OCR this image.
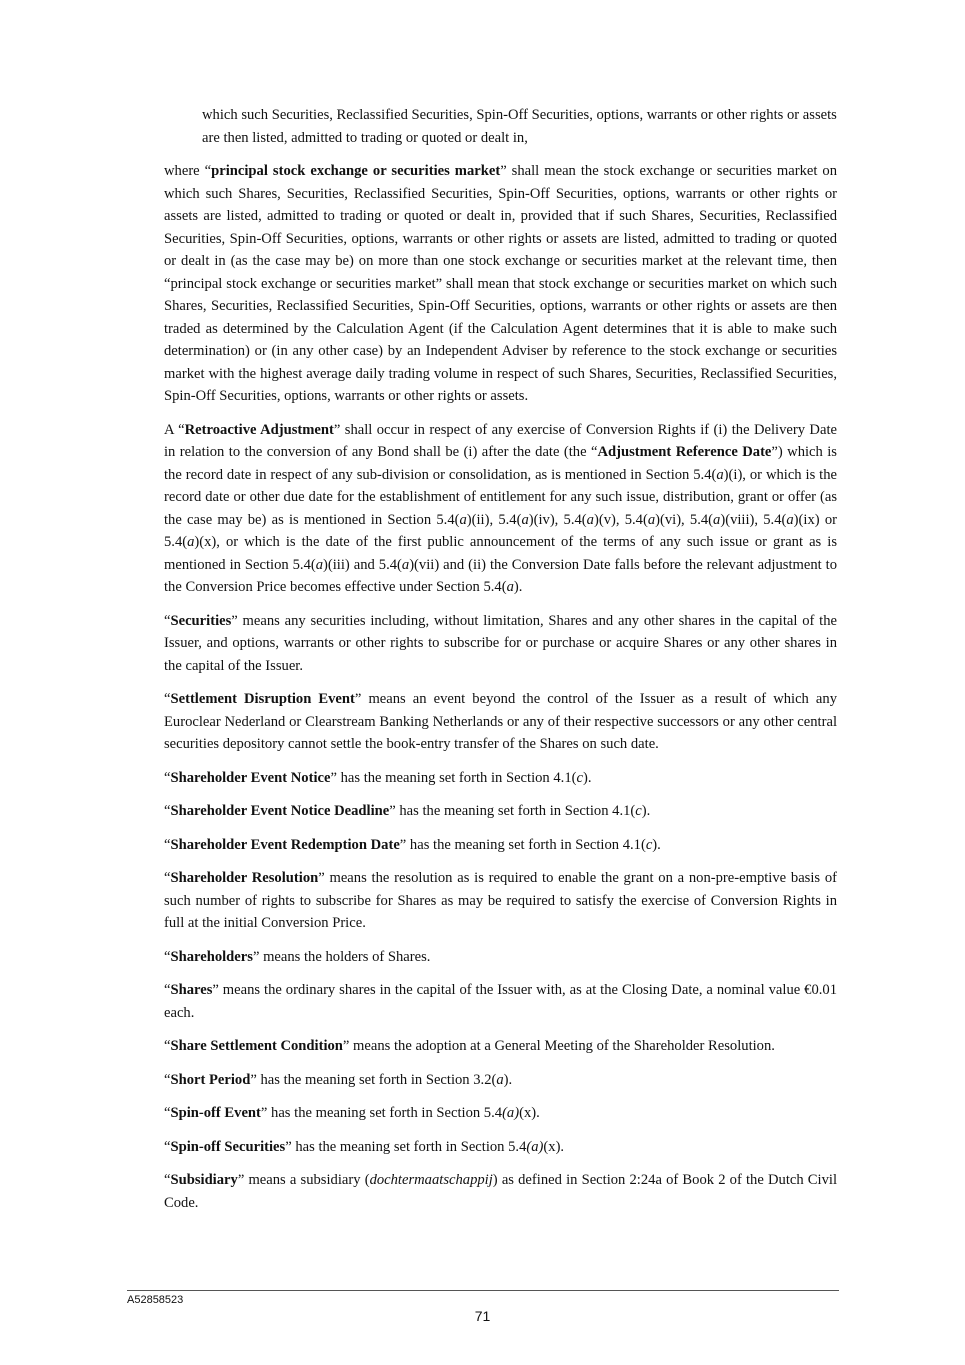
which such Securities, Reclassified Securities, Spin-Off Securities, options, warrants or other rights or assets are then listed, admitted to trading or quoted or dealt in,

where “principal stock exchange or securities market” shall mean the stock exchange or securities market on which such Shares, Securities, Reclassified Securities, Spin-Off Securities, options, warrants or other rights or assets are listed, admitted to trading or quoted or dealt in, provided that if such Shares, Securities, Reclassified Securities, Spin-Off Securities, options, warrants or other rights or assets are listed, admitted to trading or quoted or dealt in (as the case may be) on more than one stock exchange or securities market at the relevant time, then “principal stock exchange or securities market” shall mean that stock exchange or securities market on which such Shares, Securities, Reclassified Securities, Spin-Off Securities, options, warrants or other rights or assets are then traded as determined by the Calculation Agent (if the Calculation Agent determines that it is able to make such determination) or (in any other case) by an Independent Adviser by reference to the stock exchange or securities market with the highest average daily trading volume in respect of such Shares, Securities, Reclassified Securities, Spin-Off Securities, options, warrants or other rights or assets.

A “Retroactive Adjustment” shall occur in respect of any exercise of Conversion Rights if (i) the Delivery Date in relation to the conversion of any Bond shall be (i) after the date (the “Adjustment Reference Date”) which is the record date in respect of any sub-division or consolidation, as is mentioned in Section 5.4(a)(i), or which is the record date or other due date for the establishment of entitlement for any such issue, distribution, grant or offer (as the case may be) as is mentioned in Section 5.4(a)(ii), 5.4(a)(iv), 5.4(a)(v), 5.4(a)(vi), 5.4(a)(viii), 5.4(a)(ix) or 5.4(a)(x), or which is the date of the first public announcement of the terms of any such issue or grant as is mentioned in Section 5.4(a)(iii) and 5.4(a)(vii) and (ii) the Conversion Date falls before the relevant adjustment to the Conversion Price becomes effective under Section 5.4(a).

“Securities” means any securities including, without limitation, Shares and any other shares in the capital of the Issuer, and options, warrants or other rights to subscribe for or purchase or acquire Shares or any other shares in the capital of the Issuer.

“Settlement Disruption Event” means an event beyond the control of the Issuer as a result of which any Euroclear Nederland or Clearstream Banking Netherlands or any of their respective successors or any other central securities depository cannot settle the book-entry transfer of the Shares on such date.

“Shareholder Event Notice” has the meaning set forth in Section 4.1(c).

“Shareholder Event Notice Deadline” has the meaning set forth in Section 4.1(c).

“Shareholder Event Redemption Date” has the meaning set forth in Section 4.1(c).

“Shareholder Resolution” means the resolution as is required to enable the grant on a non-pre-emptive basis of such number of rights to subscribe for Shares as may be required to satisfy the exercise of Conversion Rights in full at the initial Conversion Price.

“Shareholders” means the holders of Shares.

“Shares” means the ordinary shares in the capital of the Issuer with, as at the Closing Date, a nominal value €0.01 each.

“Share Settlement Condition” means the adoption at a General Meeting of the Shareholder Resolution.

“Short Period” has the meaning set forth in Section 3.2(a).

“Spin-off Event” has the meaning set forth in Section 5.4(a)(x).

“Spin-off Securities” has the meaning set forth in Section 5.4(a)(x).

“Subsidiary” means a subsidiary (dochtermaatschappij) as defined in Section 2:24a of Book 2 of the Dutch Civil Code.

A52858523
71
